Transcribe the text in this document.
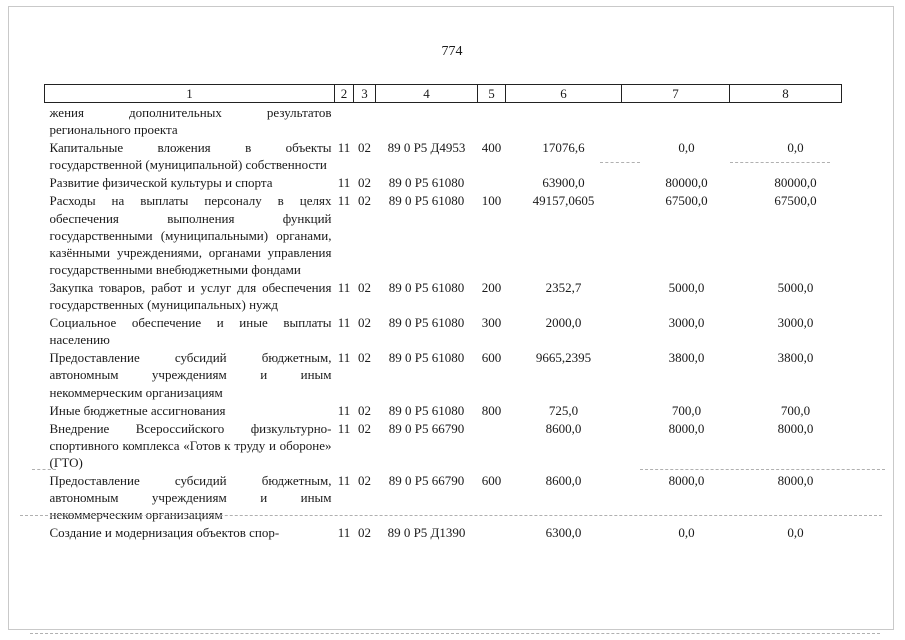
774
1	2	3	4	5	6	7	8
жения дополнительных результатов регионального проекта							
Капитальные вложения в объекты государственной (муниципальной) собственности	11	02	89 0 Р5 Д4953	400	17076,6	0,0	0,0
Развитие физической культуры и спорта	11	02	89 0 Р5 61080		63900,0	80000,0	80000,0
Расходы на выплаты персоналу в целях обеспечения выполнения функций государственными (муниципальными) органами, казёнными учреждениями, органами управления государственными внебюджетными фондами	11	02	89 0 Р5 61080	100	49157,0605	67500,0	67500,0
Закупка товаров, работ и услуг для обеспечения государственных (муниципальных) нужд	11	02	89 0 Р5 61080	200	2352,7	5000,0	5000,0
Социальное обеспечение и иные выплаты населению	11	02	89 0 Р5 61080	300	2000,0	3000,0	3000,0
Предоставление субсидий бюджетным, автономным учреждениям и иным некоммерческим организациям	11	02	89 0 Р5 61080	600	9665,2395	3800,0	3800,0
Иные бюджетные ассигнования	11	02	89 0 Р5 61080	800	725,0	700,0	700,0
Внедрение Всероссийского физкультурно-спортивного комплекса «Готов к труду и обороне» (ГТО)	11	02	89 0 Р5 66790		8600,0	8000,0	8000,0
Предоставление субсидий бюджетным, автономным учреждениям и иным некоммерческим организациям	11	02	89 0 Р5 66790	600	8600,0	8000,0	8000,0
Создание и модернизация объектов спор-	11	02	89 0 Р5 Д1390		6300,0	0,0	0,0
